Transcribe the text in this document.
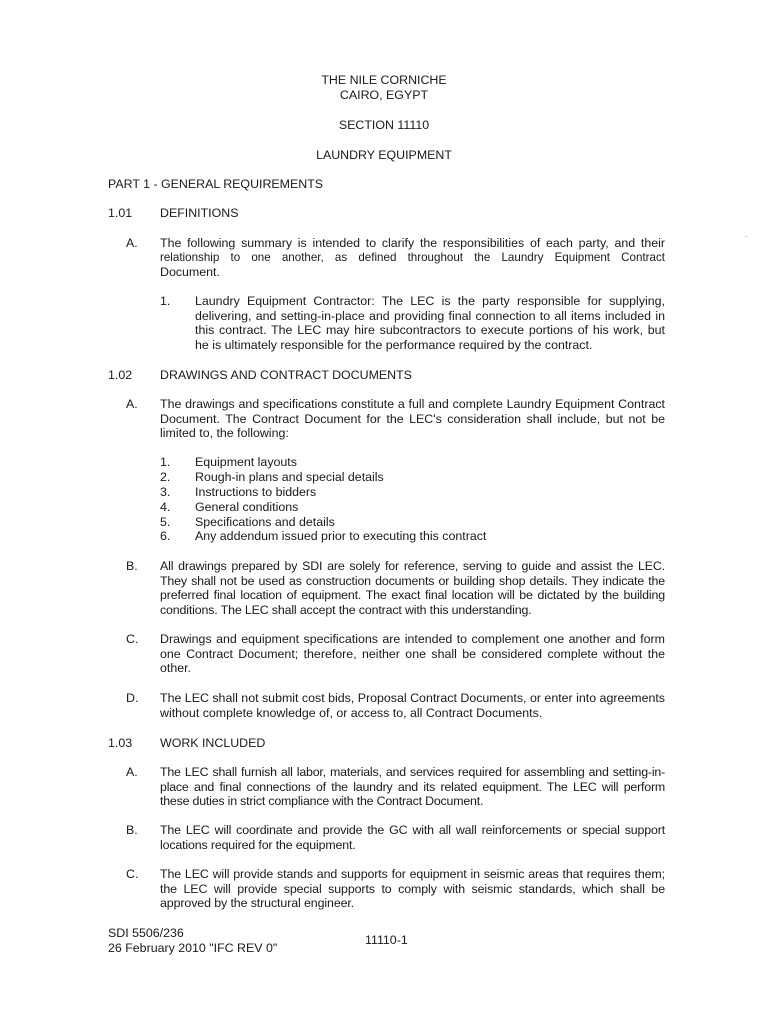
THE NILE CORNICHE
CAIRO, EGYPT
SECTION 11110
LAUNDRY EQUIPMENT
PART 1 - GENERAL REQUIREMENTS
1.01 DEFINITIONS
A. The following summary is intended to clarify the responsibilities of each party, and their
relationship to one another, as defined throughout the Laundry Equipment Contract
Document.
1. Laundry Equipment Contractor: The LEC is the party responsible for supplying, delivering, and setting-in-place and providing final connection to all items included in this contract. The LEC may hire subcontractors to execute portions of his work, but he is ultimately responsible for the performance required by the contract.
1.02 DRAWINGS AND CONTRACT DOCUMENTS
A. The drawings and specifications constitute a full and complete Laundry Equipment Contract Document. The Contract Document for the LEC's consideration shall include, but not be limited to, the following:
1. Equipment layouts
2. Rough-in plans and special details
3. Instructions to bidders
4. General conditions
5. Specifications and details
6. Any addendum issued prior to executing this contract
B. All drawings prepared by SDI are solely for reference, serving to guide and assist the LEC. They shall not be used as construction documents or building shop details. They indicate the preferred final location of equipment. The exact final location will be dictated by the building conditions. The LEC shall accept the contract with this understanding.
C. Drawings and equipment specifications are intended to complement one another and form one Contract Document; therefore, neither one shall be considered complete without the other.
D. The LEC shall not submit cost bids, Proposal Contract Documents, or enter into agreements without complete knowledge of, or access to, all Contract Documents.
1.03 WORK INCLUDED
A. The LEC shall furnish all labor, materials, and services required for assembling and setting-in-place and final connections of the laundry and its related equipment. The LEC will perform these duties in strict compliance with the Contract Document.
B. The LEC will coordinate and provide the GC with all wall reinforcements or special support locations required for the equipment.
C. The LEC will provide stands and supports for equipment in seismic areas that requires them; the LEC will provide special supports to comply with seismic standards, which shall be approved by the structural engineer.
SDI 5506/236
26 February 2010 "IFC REV 0"
11110-1
